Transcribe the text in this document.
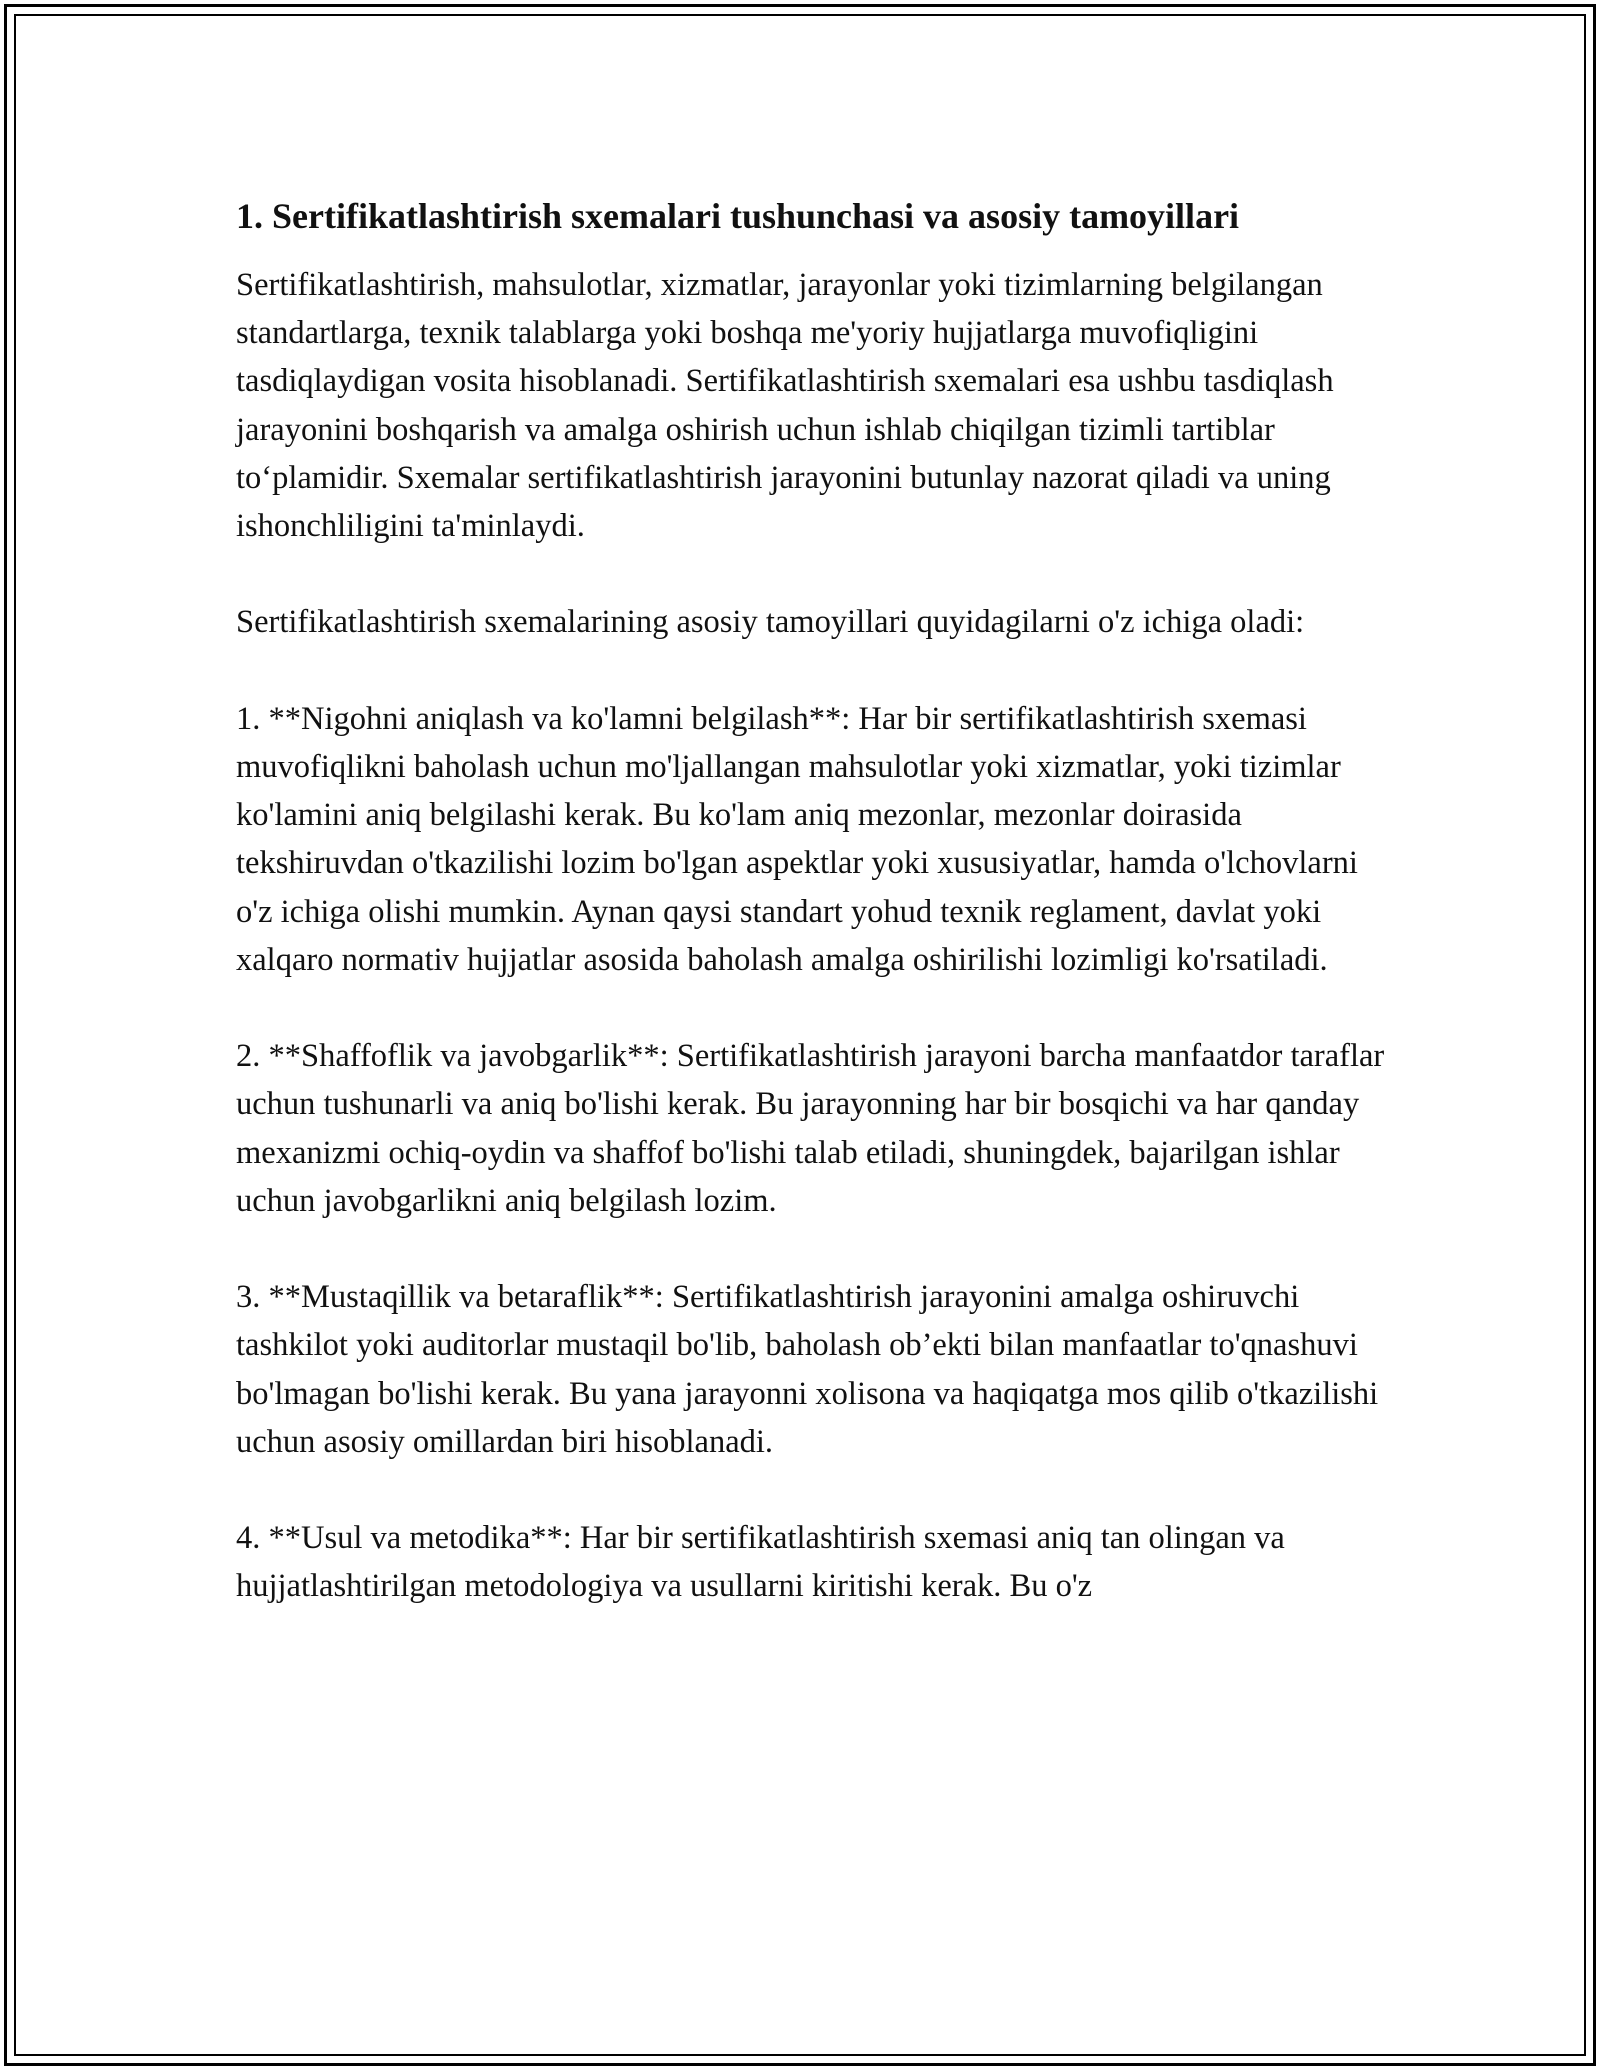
1. Sertifikatlashtirish sxemalari tushunchasi va asosiy tamoyillari

Sertifikatlashtirish, mahsulotlar, xizmatlar, jarayonlar yoki tizimlarning belgilangan standartlarga, texnik talablarga yoki boshqa me'yoriy hujjatlarga muvofiqligini tasdiqlaydigan vosita hisoblanadi. Sertifikatlashtirish sxemalari esa ushbu tasdiqlash jarayonini boshqarish va amalga oshirish uchun ishlab chiqilgan tizimli tartiblar to‘plamidir. Sxemalar sertifikatlashtirish jarayonini butunlay nazorat qiladi va uning ishonchliligini ta'minlaydi.

Sertifikatlashtirish sxemalarining asosiy tamoyillari quyidagilarni o'z ichiga oladi:

1. **Nigohni aniqlash va ko'lamni belgilash**: Har bir sertifikatlashtirish sxemasi muvofiqlikni baholash uchun mo'ljallangan mahsulotlar yoki xizmatlar, yoki tizimlar ko'lamini aniq belgilashi kerak. Bu ko'lam aniq mezonlar, mezonlar doirasida tekshiruvdan o'tkazilishi lozim bo'lgan aspektlar yoki xususiyatlar, hamda o'lchovlarni o'z ichiga olishi mumkin. Aynan qaysi standart yohud texnik reglament, davlat yoki xalqaro normativ hujjatlar asosida baholash amalga oshirilishi lozimligi ko'rsatiladi.

2. **Shaffoflik va javobgarlik**: Sertifikatlashtirish jarayoni barcha manfaatdor taraflar uchun tushunarli va aniq bo'lishi kerak. Bu jarayonning har bir bosqichi va har qanday mexanizmi ochiq-oydin va shaffof bo'lishi talab etiladi, shuningdek, bajarilgan ishlar uchun javobgarlikni aniq belgilash lozim.

3. **Mustaqillik va betaraflik**: Sertifikatlashtirish jarayonini amalga oshiruvchi tashkilot yoki auditorlar mustaqil bo'lib, baholash ob’ekti bilan manfaatlar to'qnashuvi bo'lmagan bo'lishi kerak. Bu yana jarayonni xolisona va haqiqatga mos qilib o'tkazilishi uchun asosiy omillardan biri hisoblanadi.

4. **Usul va metodika**: Har bir sertifikatlashtirish sxemasi aniq tan olingan va hujjatlashtirilgan metodologiya va usullarni kiritishi kerak. Bu o'z
